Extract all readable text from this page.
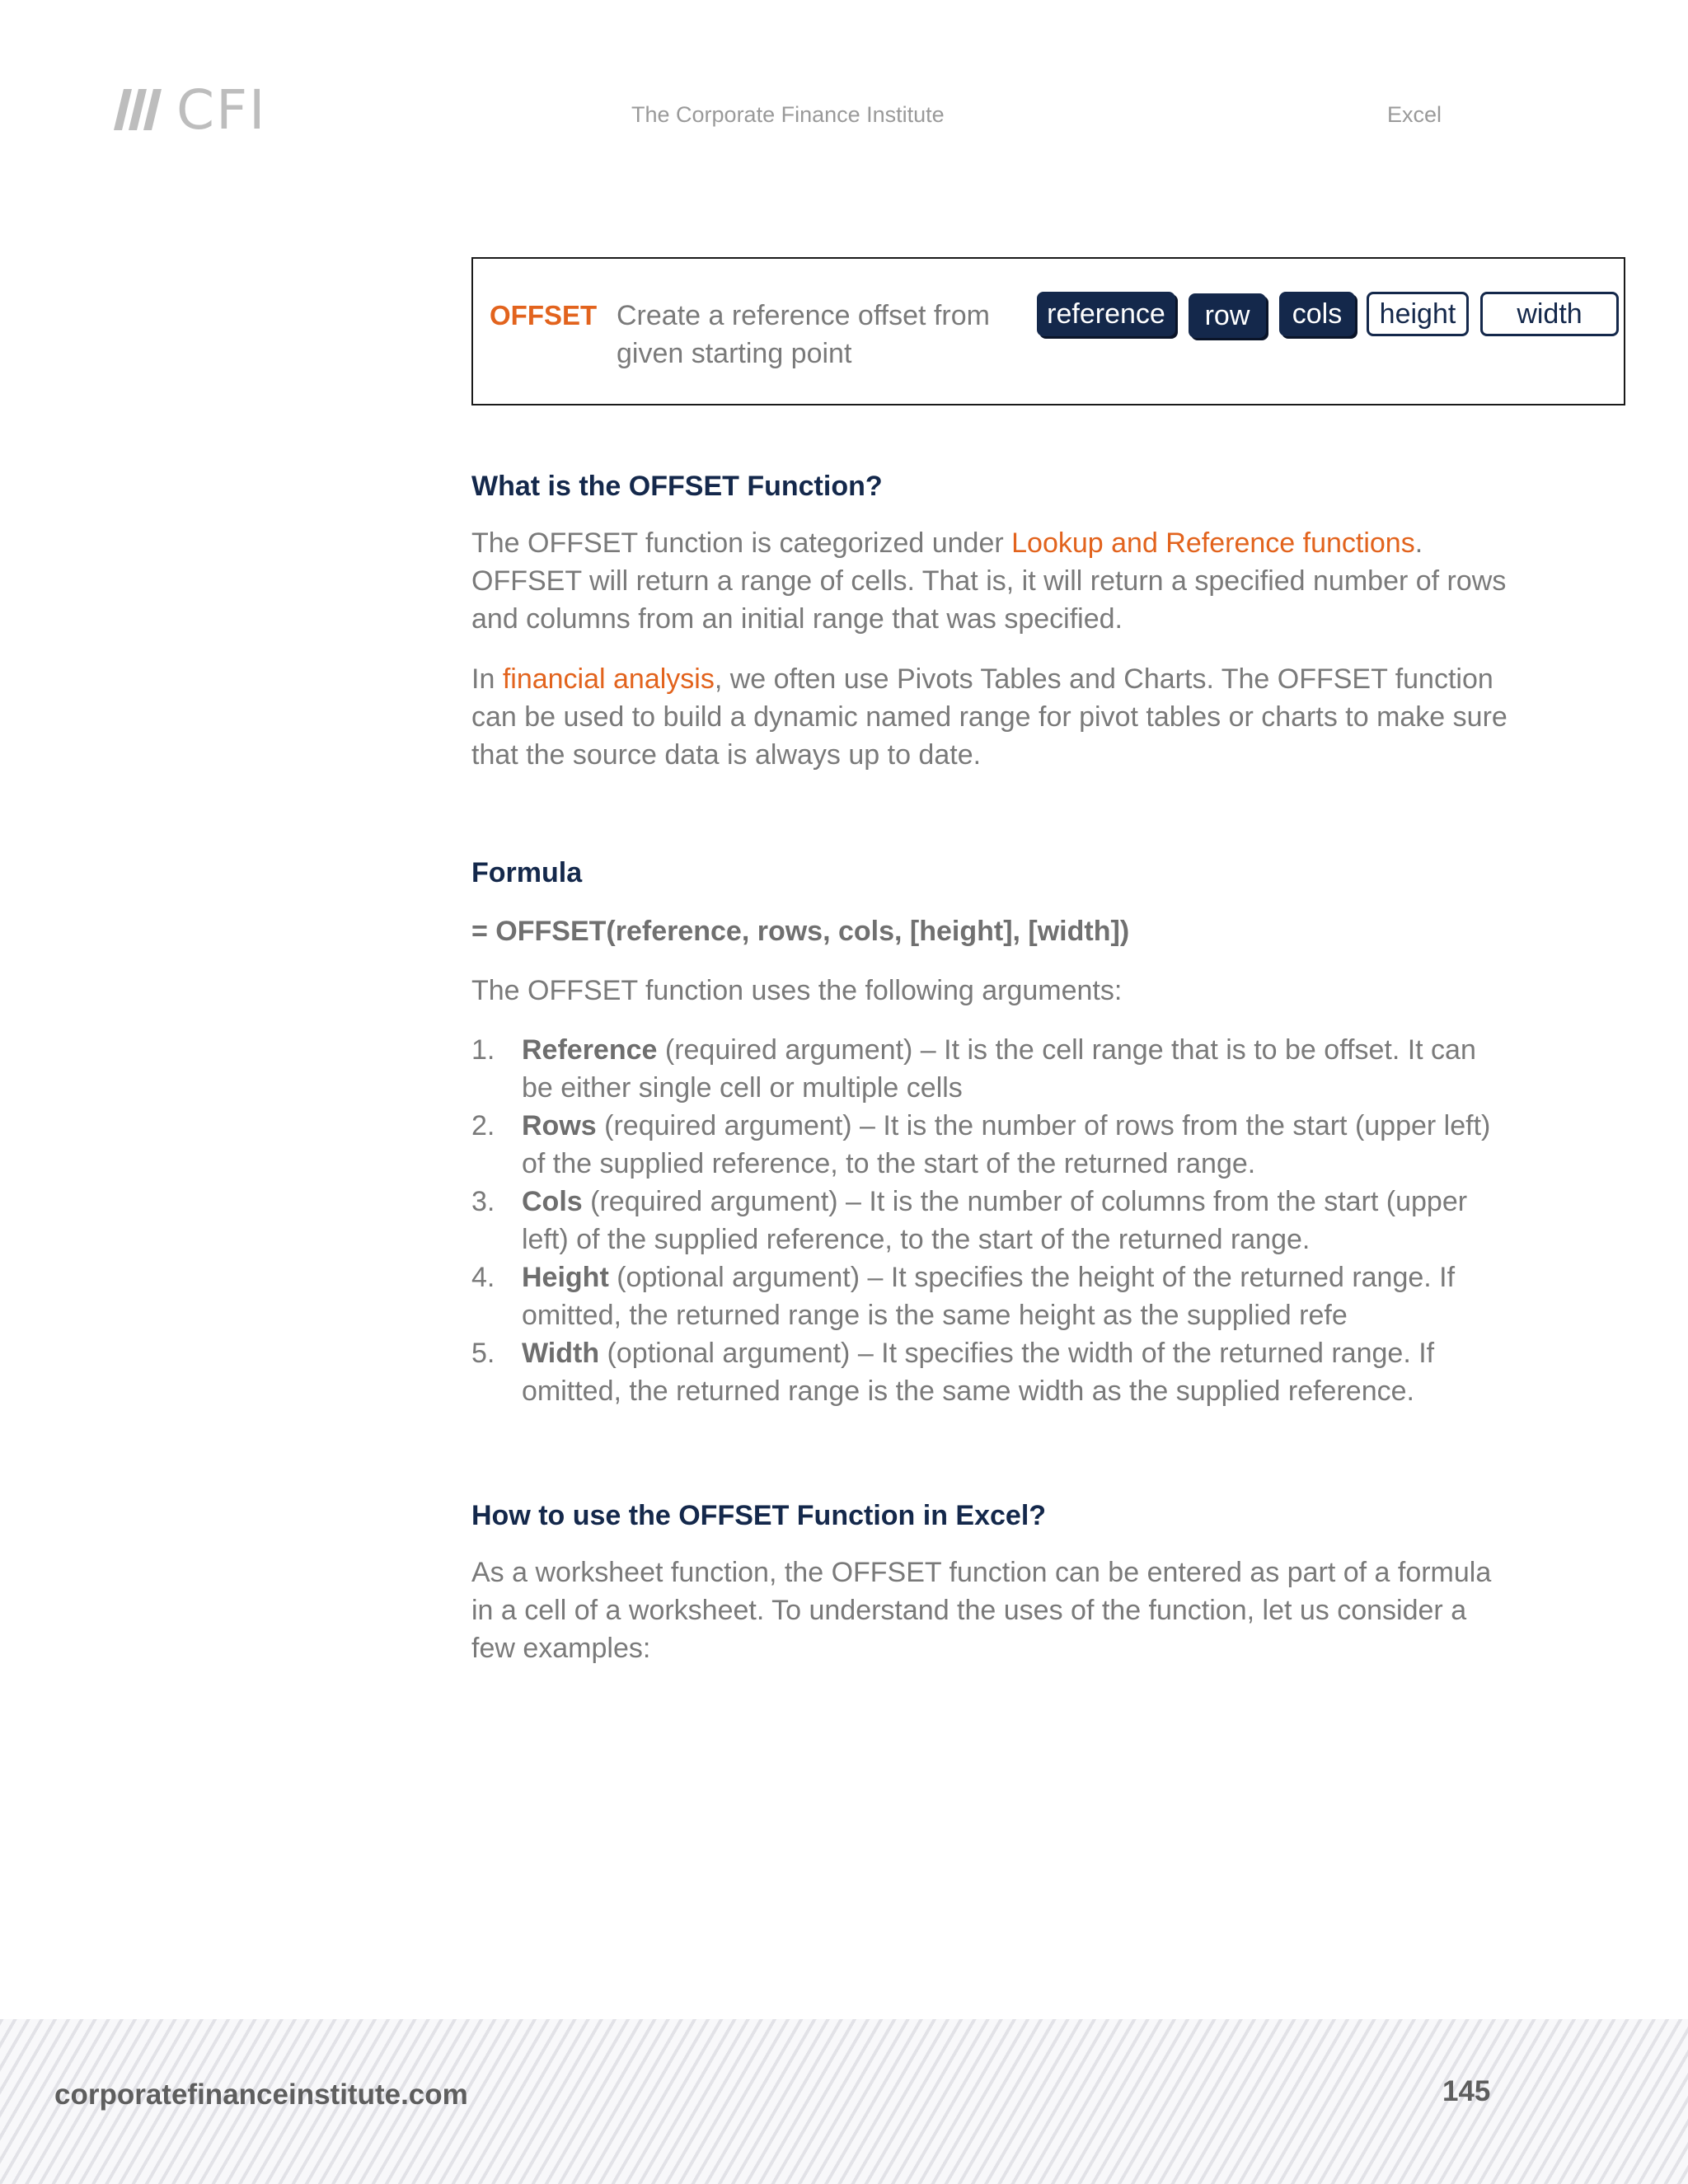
CFI	The Corporate Finance Institute	Excel
OFFSET Create a reference offset from given starting point
reference	row	cols	height	width
What is the OFFSET Function?

The OFFSET function is categorized under Lookup and Reference functions. OFFSET will return a range of cells. That is, it will return a specified number of rows and columns from an initial range that was specified.

In financial analysis, we often use Pivots Tables and Charts. The OFFSET function can be used to build a dynamic named range for pivot tables or charts to make sure that the source data is always up to date.

Formula

= OFFSET(reference, rows, cols, [height], [width])

The OFFSET function uses the following arguments:

1. Reference (required argument) – It is the cell range that is to be offset. It can be either single cell or multiple cells
2. Rows (required argument) – It is the number of rows from the start (upper left) of the supplied reference, to the start of the returned range.
3. Cols (required argument) – It is the number of columns from the start (upper left) of the supplied reference, to the start of the returned range.
4. Height (optional argument) – It specifies the height of the returned range. If omitted, the returned range is the same height as the supplied refe
5. Width (optional argument) – It specifies the width of the returned range. If omitted, the returned range is the same width as the supplied reference.
How to use the OFFSET Function in Excel?

As a worksheet function, the OFFSET function can be entered as part of a formula in a cell of a worksheet. To understand the uses of the function, let us consider a few examples:

corporatefinanceinstitute.com	145
